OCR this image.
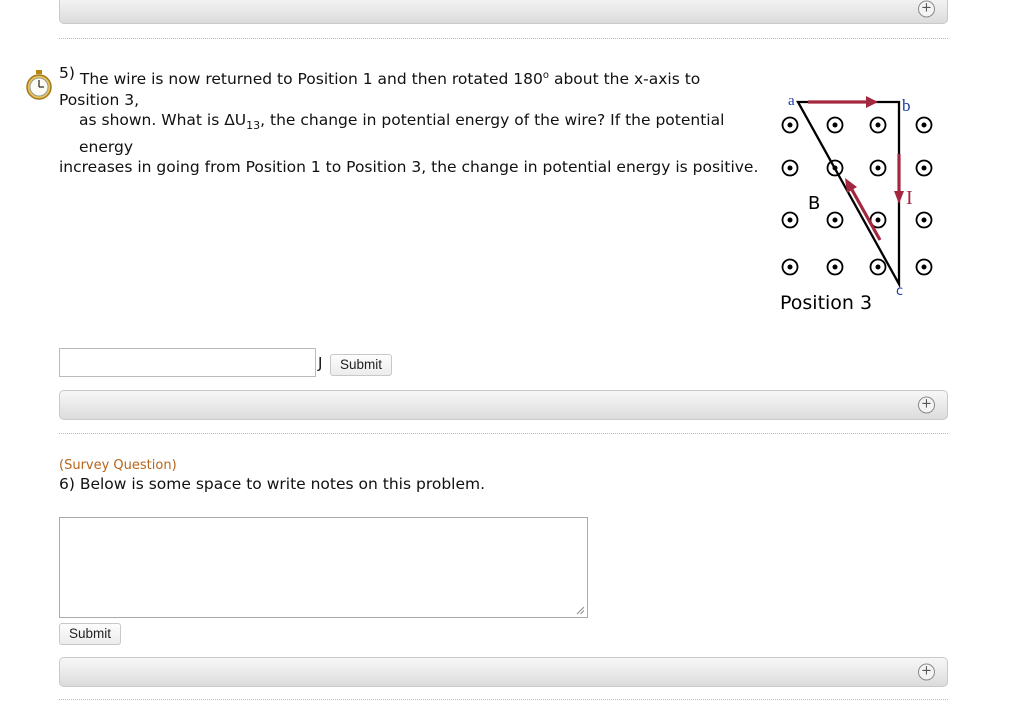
+
5) The wire is now returned to Position 1 and then rotated 180$^o$ about the x-axis to Position 3,
as shown. What is $\Delta U_{13}$, the change in potential energy of the wire? If the potential energy
increases in going from Position 1 to Position 3, the change in potential energy is positive.
a	b
c
B	I
Position 3
J	Submit
+
(Survey Question)
6) Below is some space to write notes on this problem.
Submit
+
